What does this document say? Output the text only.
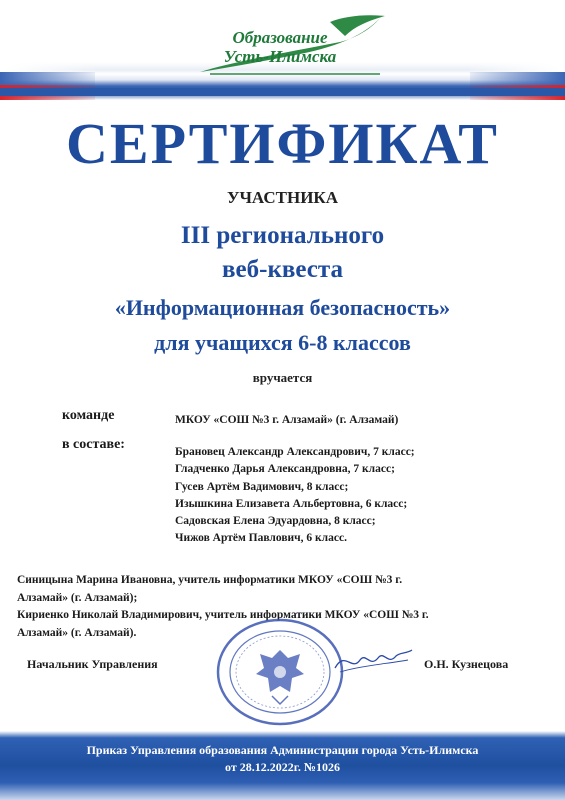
Образование
Усть-Илимска
СЕРТИФИКАТ
УЧАСТНИКА
III регионального
веб-квеста
«Информационная безопасность»
для учащихся 6-8 классов
вручается
команде	МКОУ «СОШ №3 г. Алзамай» (г. Алзамай)
в составе:	Брановец Александр Александрович, 7 класс;
Гладченко Дарья Александровна, 7 класс;
Гусев Артём Вадимович, 8 класс;
Изышкина Елизавета Альбертовна, 6 класс;
Садовская Елена Эдуардовна, 8 класс;
Чижов Артём Павлович, 6 класс.
Синицына Марина Ивановна, учитель информатики МКОУ «СОШ №3 г.
Алзамай» (г. Алзамай);
Кириенко Николай Владимирович, учитель информатики МКОУ «СОШ №3 г.
Алзамай» (г. Алзамай).
Начальник Управления	О.Н. Кузнецова
Приказ Управления образования Администрации города Усть-Илимска
от 28.12.2022г. №1026
